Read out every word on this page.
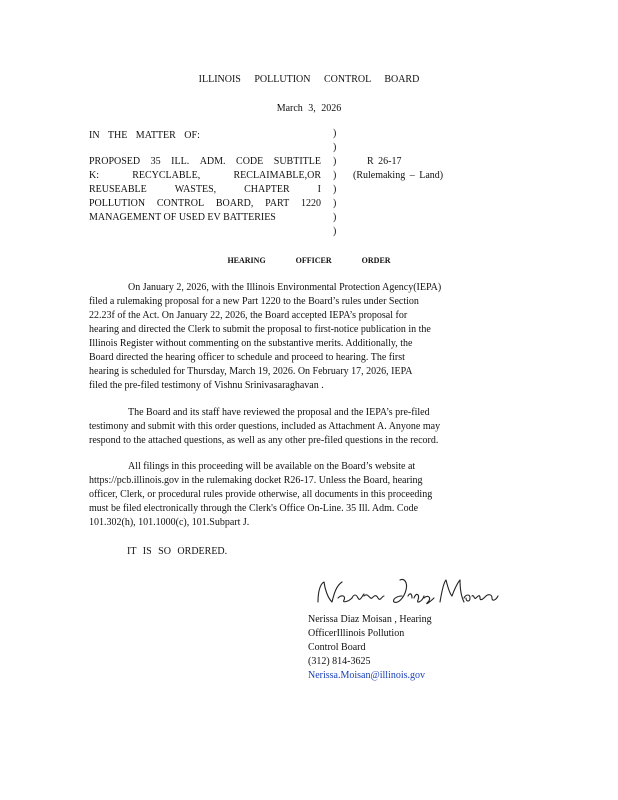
ILLINOIS POLLUTION CONTROL BOARD
March 3, 2026
IN THE MATTER OF:
PROPOSED 35 ILL. ADM. CODE SUBTITLE
K:	RECYCLABLE,	RECLAIMABLE,OR
REUSEABLE	WASTES,	CHAPTER	I
POLLUTION CONTROL BOARD, PART 1220
MANAGEMENT OF USED EV BATTERIES
)
)
)
)
)
)
)
)
R 26-17
(Rulemaking – Land)
HEARING OFFICER ORDER
On January 2, 2026, with the Illinois Environmental Protection Agency(IEPA)
filed a rulemaking proposal for a new Part 1220 to the Board’s rules under Section
22.23f of the Act. On January 22, 2026, the Board accepted IEPA’s proposal for
hearing and directed the Clerk to submit the proposal to first-notice publication in the
Illinois Register without commenting on the substantive merits. Additionally, the
Board directed the hearing officer to schedule and proceed to hearing. The first
hearing is scheduled for Thursday, March 19, 2026. On February 17, 2026, IEPA
filed the pre-filed testimony of Vishnu Srinivasaraghavan .
The Board and its staff have reviewed the proposal and the IEPA’s pre-filed
testimony and submit with this order questions, included as Attachment A. Anyone may
respond to the attached questions, as well as any other pre-filed questions in the record.
All filings in this proceeding will be available on the Board’s website at
https://pcb.illinois.gov in the rulemaking docket R26-17. Unless the Board, hearing
officer, Clerk, or procedural rules provide otherwise, all documents in this proceeding
must be filed electronically through the Clerk's Office On-Line. 35 Ill. Adm. Code
101.302(h), 101.1000(c), 101.Subpart J.
IT IS SO ORDERED.
Nerissa Diaz Moisan , Hearing
OfficerIllinois Pollution
Control Board
(312) 814-3625
Nerissa.Moisan@illinois.gov
